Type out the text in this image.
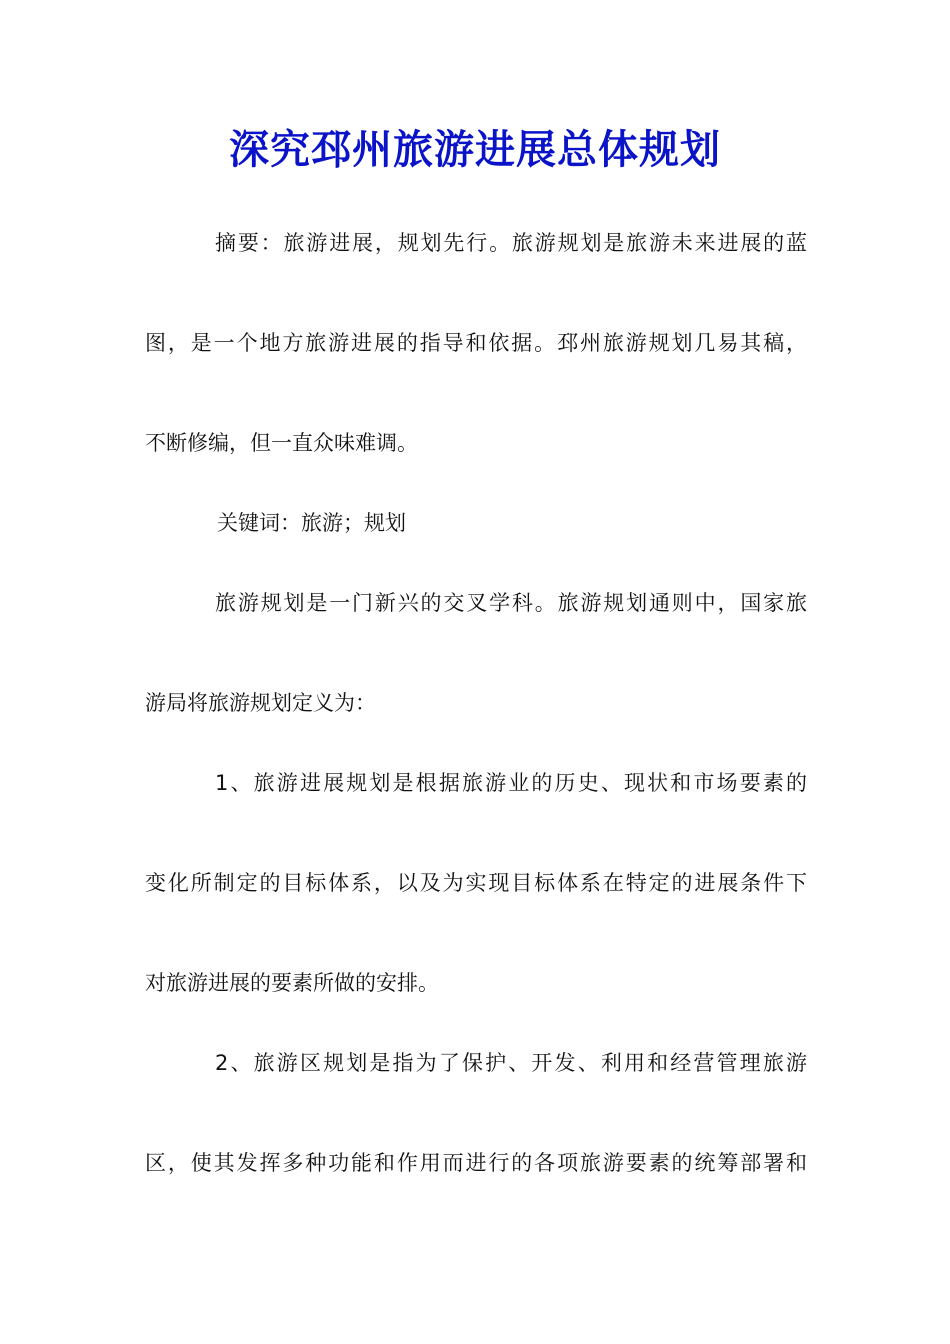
深究邳州旅游进展总体规划
摘要：旅游进展，规划先行。旅游规划是旅游未来进展的蓝
图，是一个地方旅游进展的指导和依据。邳州旅游规划几易其稿，
不断修编，但一直众味难调。
关键词：旅游；规划
旅游规划是一门新兴的交叉学科。旅游规划通则中，国家旅
游局将旅游规划定义为：
1、旅游进展规划是根据旅游业的历史、现状和市场要素的
变化所制定的目标体系，以及为实现目标体系在特定的进展条件下
对旅游进展的要素所做的安排。
2、旅游区规划是指为了保护、开发、利用和经营管理旅游
区，使其发挥多种功能和作用而进行的各项旅游要素的统筹部署和
